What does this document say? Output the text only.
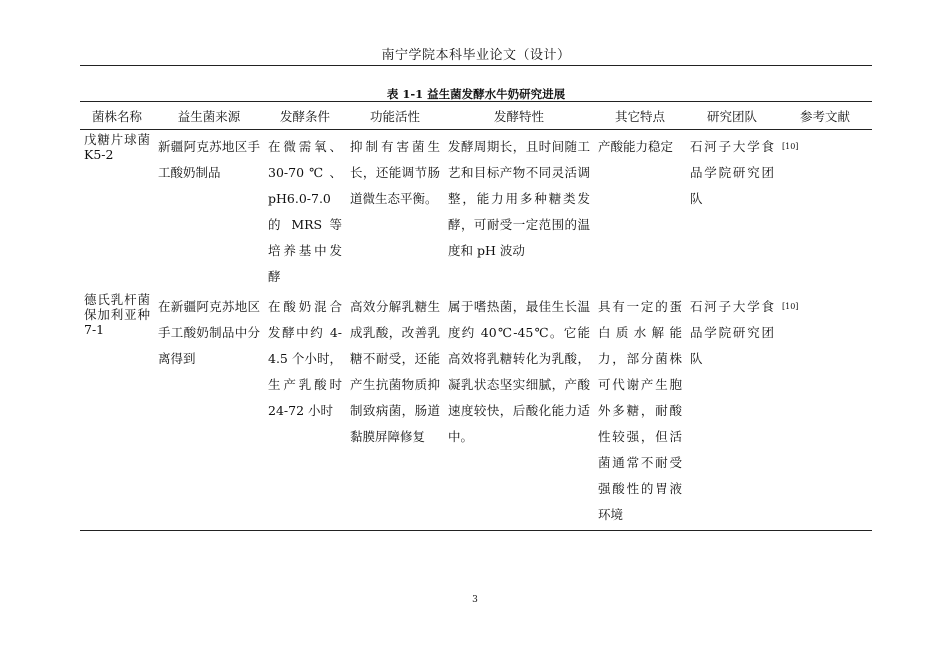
南宁学院本科毕业论文（设计）
表 1-1 益生菌发酵水牛奶研究进展
菌株名称	益生菌来源	发酵条件	功能活性	发酵特性	其它特点	研究团队	参考文献
戊糖片球菌 K5-2	新疆阿克苏地区手工酸奶制品	在微需氧、30-70 ℃ 、pH6.0-7.0 的 MRS 等培养基中发酵	抑制有害菌生长，还能调节肠道微生态平衡。	发酵周期长，且时间随工艺和目标产物不同灵活调整，能力用多种糖类发酵，可耐受一定范围的温度和 pH 波动	产酸能力稳定	石河子大学食品学院研究团队	[10]
德氏乳杆菌保加利亚种 7-1	在新疆阿克苏地区手工酸奶制品中分离得到	在酸奶混合发酵中约 4-4.5 个小时，生产乳酸时 24-72 小时	高效分解乳糖生成乳酸，改善乳糖不耐受，还能产生抗菌物质抑制致病菌，肠道黏膜屏障修复	属于嗜热菌，最佳生长温度约 40℃-45℃。它能高效将乳糖转化为乳酸，凝乳状态坚实细腻，产酸速度较快，后酸化能力适中。	具有一定的蛋白质水解能力，部分菌株可代谢产生胞外多糖，耐酸性较强，但活菌通常不耐受强酸性的胃液环境	石河子大学食品学院研究团队	[10]
3
